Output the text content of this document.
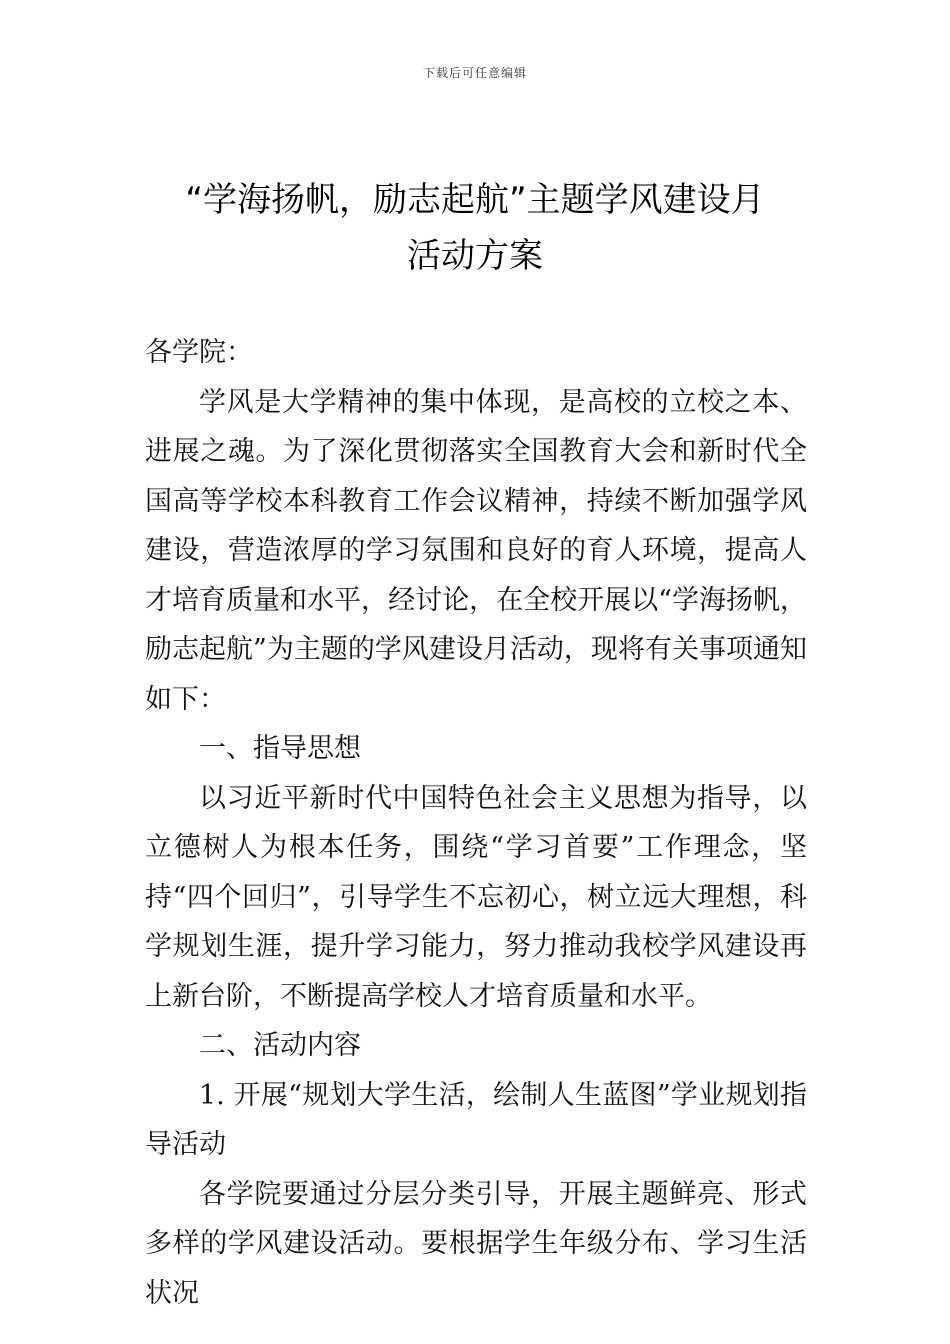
下载后可任意编辑
“学海扬帆，励志起航”主题学风建设月
活动方案

各学院：

学风是大学精神的集中体现，是高校的立校之本、进展之魂。为了深化贯彻落实全国教育大会和新时代全国高等学校本科教育工作会议精神，持续不断加强学风建设，营造浓厚的学习氛围和良好的育人环境，提高人才培育质量和水平，经讨论，在全校开展以“学海扬帆，励志起航”为主题的学风建设月活动，现将有关事项通知如下：

一、指导思想

以习近平新时代中国特色社会主义思想为指导，以立德树人为根本任务，围绕“学习首要”工作理念，坚持“四个回归”，引导学生不忘初心，树立远大理想，科学规划生涯，提升学习能力，努力推动我校学风建设再上新台阶，不断提高学校人才培育质量和水平。

二、活动内容

1. 开展“规划大学生活，绘制人生蓝图”学业规划指导活动

各学院要通过分层分类引导，开展主题鲜亮、形式多样的学风建设活动。要根据学生年级分布、学习生活状况
